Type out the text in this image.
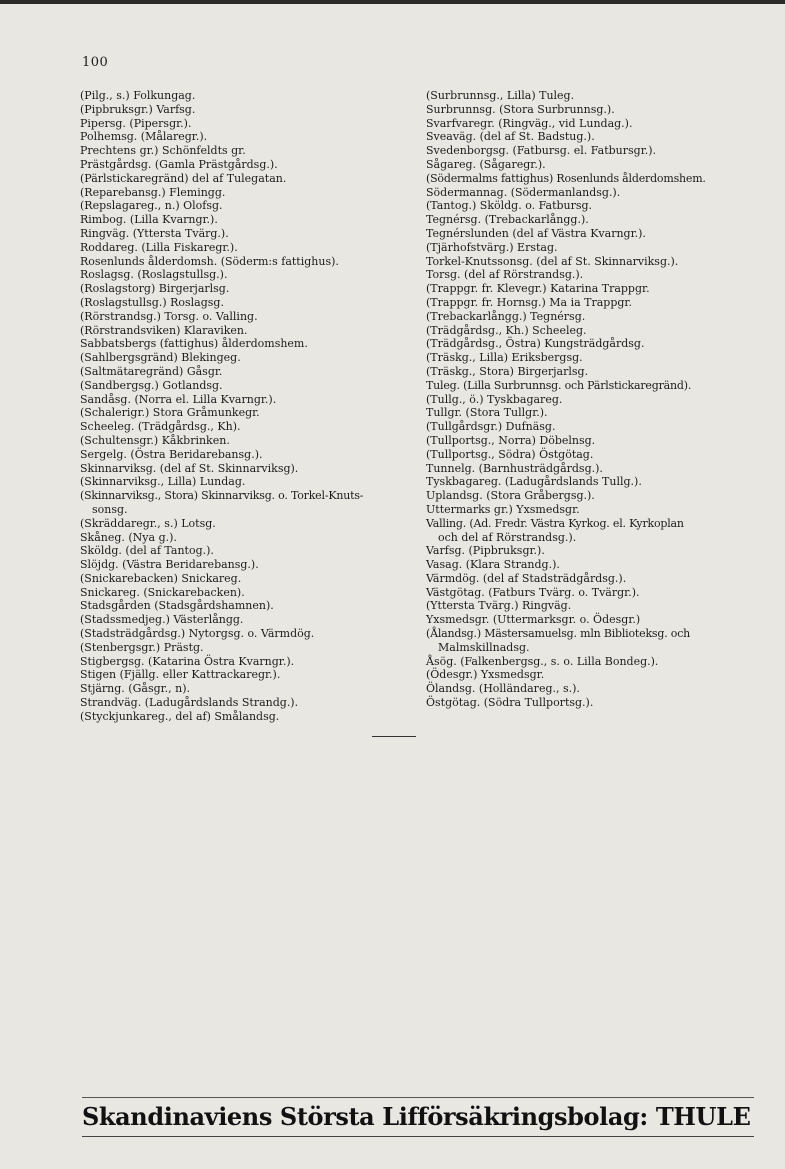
100
(Pilg., s.) Folkungag.
(Pipbruksgr.) Varfsg.
Pipersg. (Pipersgr.).
Polhemsg. (Målaregr.).
Prechtens gr.) Schönfeldts gr.
Prästgårdsg. (Gamla Prästgårdsg.).
(Pärlstickaregränd) del af Tulegatan.
(Reparebansg.) Flemingg.
(Repslagareg., n.) Olofsg.
Rimbog. (Lilla Kvarngr.).
Ringväg. (Yttersta Tvärg.).
Roddareg. (Lilla Fiskaregr.).
Rosenlunds ålderdomsh. (Söderm:s fattighus).
Roslagsg. (Roslagstullsg.).
(Roslagstorg) Birgerjarlsg.
(Roslagstullsg.) Roslagsg.
(Rörstrandsg.) Torsg. o. Valling.
(Rörstrandsviken) Klaraviken.
Sabbatsbergs (fattighus) ålderdomshem.
(Sahlbergsgränd) Blekingeg.
(Saltmätaregränd) Gåsgr.
(Sandbergsg.) Gotlandsg.
Sandåsg. (Norra el. Lilla Kvarngr.).
(Schalerigr.) Stora Gråmunkegr.
Scheeleg. (Trädgårdsg., Kh).
(Schultensgr.) Kåkbrinken.
Sergelg. (Östra Beridarebansg.).
Skinnarviksg. (del af St. Skinnarviksg).
(Skinnarviksg., Lilla) Lundag.
(Skinnarviksg., Stora) Skinnarviksg. o. Torkel-Knuts-
sonsg.
(Skräddaregr., s.) Lotsg.
Skåneg. (Nya g.).
Sköldg. (del af Tantog.).
Slöjdg. (Västra Beridarebansg.).
(Snickarebacken) Snickareg.
Snickareg. (Snickarebacken).
Stadsgården (Stadsgårdshamnen).
(Stadssmedjeg.) Västerlångg.
(Stadsträdgårdsg.) Nytorgsg. o. Värmdög.
(Stenbergsgr.) Prästg.
Stigbergsg. (Katarina Östra Kvarngr.).
Stigen (Fjällg. eller Kattrackaregr.).
Stjärng. (Gåsgr., n).
Strandväg. (Ladugårdslands Strandg.).
(Styckjunkareg., del af) Smålandsg.
(Surbrunnsg., Lilla) Tuleg.
Surbrunnsg. (Stora Surbrunnsg.).
Svarfvaregr. (Ringväg., vid Lundag.).
Sveaväg. (del af St. Badstug.).
Svedenborgsg. (Fatbursg. el. Fatbursgr.).
Sågareg. (Sågaregr.).
(Södermalms fattighus) Rosenlunds ålderdomshem.
Södermannag. (Södermanlandsg.).
(Tantog.) Sköldg. o. Fatbursg.
Tegnérsg. (Trebackarlångg.).
Tegnérslunden (del af Västra Kvarngr.).
(Tjärhofstvärg.) Erstag.
Torkel-Knutssonsg. (del af St. Skinnarviksg.).
Torsg. (del af Rörstrandsg.).
(Trappgr. fr. Klevegr.) Katarina Trappgr.
(Trappgr. fr. Hornsg.) Ma ia Trappgr.
(Trebackarlångg.) Tegnérsg.
(Trädgårdsg., Kh.) Scheeleg.
(Trädgårdsg., Östra) Kungsträdgårdsg.
(Träskg., Lilla) Eriksbergsg.
(Träskg., Stora) Birgerjarlsg.
Tuleg. (Lilla Surbrunnsg. och Pärlstickaregränd).
(Tullg., ö.) Tyskbagareg.
Tullgr. (Stora Tullgr.).
(Tullgårdsgr.) Dufnäsg.
(Tullportsg., Norra) Döbelnsg.
(Tullportsg., Södra) Östgötag.
Tunnelg. (Barnhusträdgårdsg.).
Tyskbagareg. (Ladugårdslands Tullg.).
Uplandsg. (Stora Gråbergsg.).
Uttermarks gr.) Yxsmedsgr.
Valling. (Ad. Fredr. Västra Kyrkog. el. Kyrkoplan
och del af Rörstrandsg.).
Varfsg. (Pipbruksgr.).
Vasag. (Klara Strandg.).
Värmdög. (del af Stadsträdgårdsg.).
Västgötag. (Fatburs Tvärg. o. Tvärgr.).
(Yttersta Tvärg.) Ringväg.
Yxsmedsgr. (Uttermarksgr. o. Ödesgr.)
(Ålandsg.) Mästersamuelsg. mln Biblioteksg. och
Malmskillnadsg.
Åsög. (Falkenbergsg., s. o. Lilla Bondeg.).
(Ödesgr.) Yxsmedsgr.
Ölandsg. (Holländareg., s.).
Östgötag. (Södra Tullportsg.).
Skandinaviens Största Lifförsäkringsbolag: THULE
